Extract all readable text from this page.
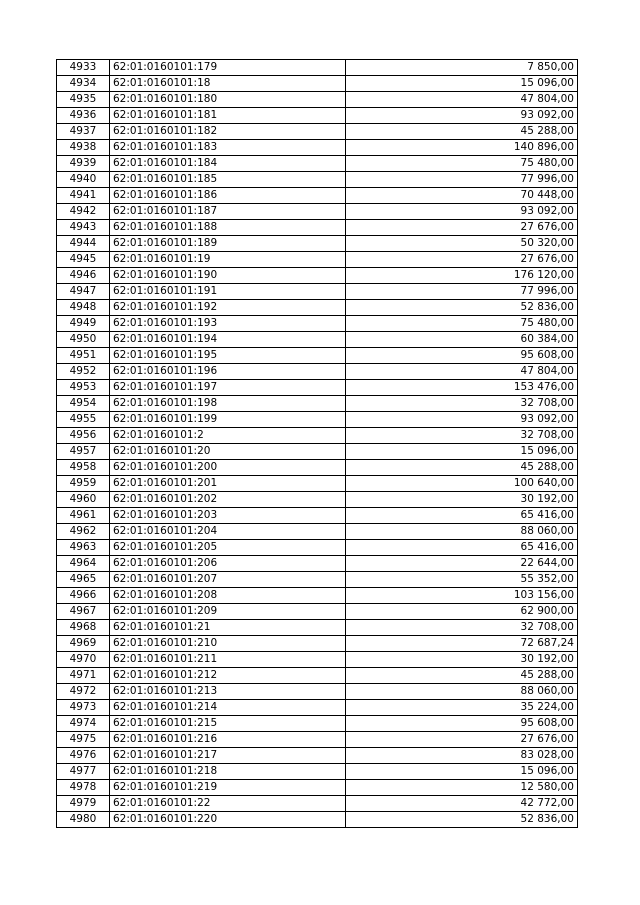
4933	62:01:0160101:179	7 850,00
4934	62:01:0160101:18	15 096,00
4935	62:01:0160101:180	47 804,00
4936	62:01:0160101:181	93 092,00
4937	62:01:0160101:182	45 288,00
4938	62:01:0160101:183	140 896,00
4939	62:01:0160101:184	75 480,00
4940	62:01:0160101:185	77 996,00
4941	62:01:0160101:186	70 448,00
4942	62:01:0160101:187	93 092,00
4943	62:01:0160101:188	27 676,00
4944	62:01:0160101:189	50 320,00
4945	62:01:0160101:19	27 676,00
4946	62:01:0160101:190	176 120,00
4947	62:01:0160101:191	77 996,00
4948	62:01:0160101:192	52 836,00
4949	62:01:0160101:193	75 480,00
4950	62:01:0160101:194	60 384,00
4951	62:01:0160101:195	95 608,00
4952	62:01:0160101:196	47 804,00
4953	62:01:0160101:197	153 476,00
4954	62:01:0160101:198	32 708,00
4955	62:01:0160101:199	93 092,00
4956	62:01:0160101:2	32 708,00
4957	62:01:0160101:20	15 096,00
4958	62:01:0160101:200	45 288,00
4959	62:01:0160101:201	100 640,00
4960	62:01:0160101:202	30 192,00
4961	62:01:0160101:203	65 416,00
4962	62:01:0160101:204	88 060,00
4963	62:01:0160101:205	65 416,00
4964	62:01:0160101:206	22 644,00
4965	62:01:0160101:207	55 352,00
4966	62:01:0160101:208	103 156,00
4967	62:01:0160101:209	62 900,00
4968	62:01:0160101:21	32 708,00
4969	62:01:0160101:210	72 687,24
4970	62:01:0160101:211	30 192,00
4971	62:01:0160101:212	45 288,00
4972	62:01:0160101:213	88 060,00
4973	62:01:0160101:214	35 224,00
4974	62:01:0160101:215	95 608,00
4975	62:01:0160101:216	27 676,00
4976	62:01:0160101:217	83 028,00
4977	62:01:0160101:218	15 096,00
4978	62:01:0160101:219	12 580,00
4979	62:01:0160101:22	42 772,00
4980	62:01:0160101:220	52 836,00
